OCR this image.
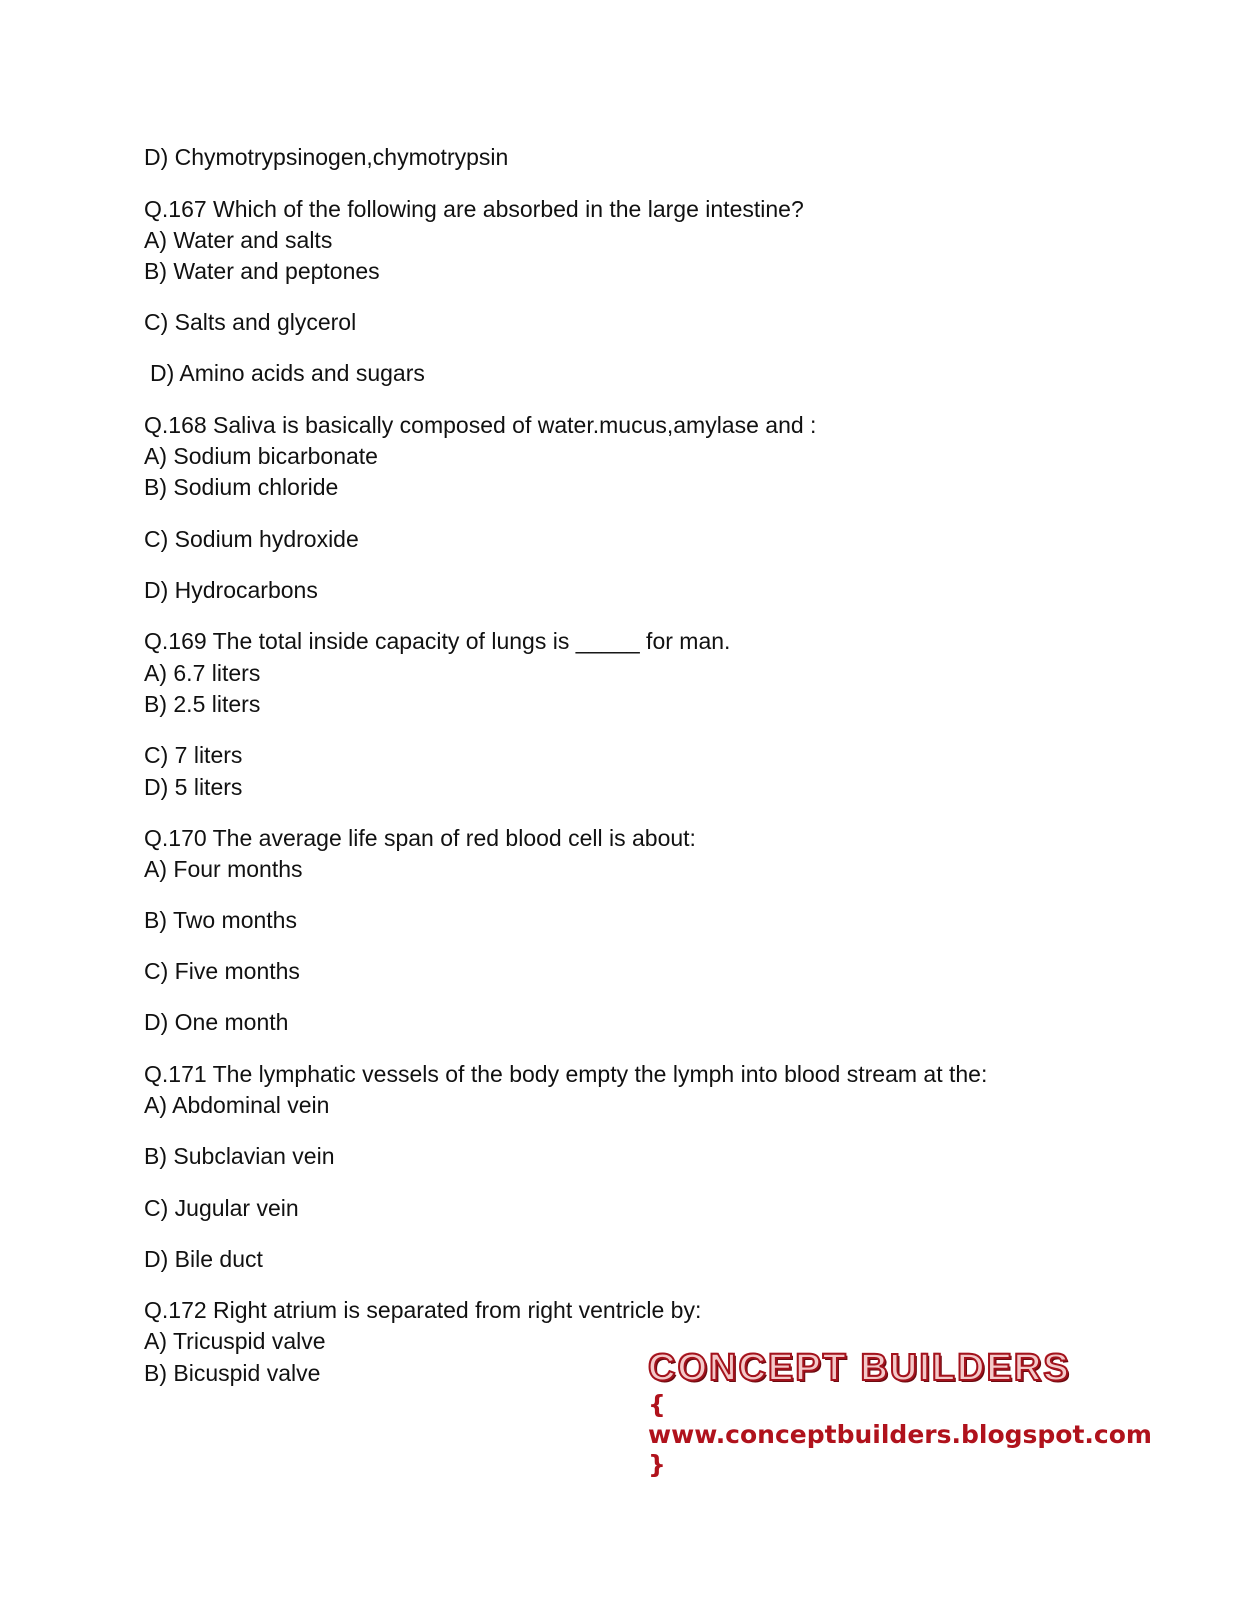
D) Chymotrypsinogen,chymotrypsin
Q.167 Which of the following are absorbed in the large intestine?
A) Water and salts
B) Water and peptones
C) Salts and glycerol
D) Amino acids and sugars
Q.168 Saliva is basically composed of water.mucus,amylase and :
A) Sodium bicarbonate
B) Sodium chloride
C) Sodium hydroxide
D) Hydrocarbons
Q.169 The total inside capacity of lungs is _____ for man.
A) 6.7 liters
B) 2.5 liters
C) 7 liters
D) 5 liters
Q.170 The average life span of red blood cell is about:
A) Four months
B) Two months
C) Five months
D) One month
Q.171 The lymphatic vessels of the body empty the lymph into blood stream at the:
A) Abdominal vein
B) Subclavian vein
C) Jugular vein
D) Bile duct
Q.172 Right atrium is separated from right ventricle by:
A) Tricuspid valve
B) Bicuspid valve	CONCEPT BUILDERS
{ www.conceptbuilders.blogspot.com }
